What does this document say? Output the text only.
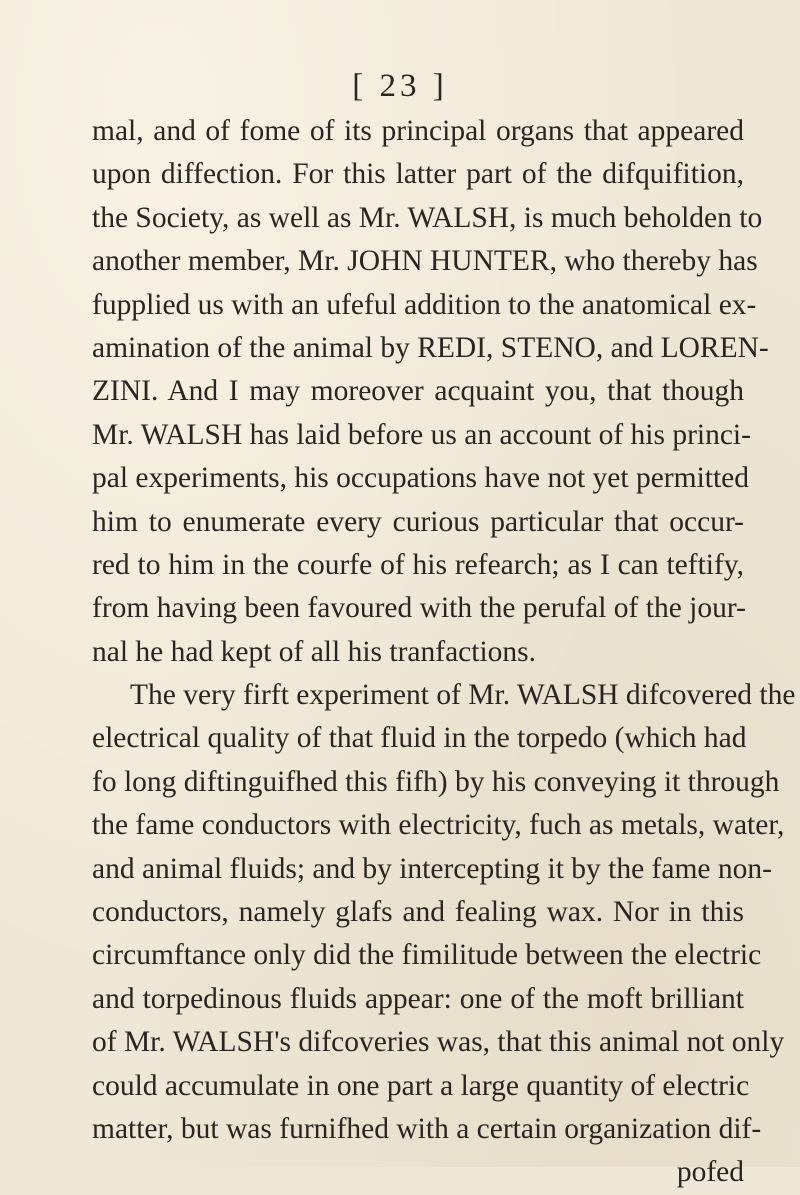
[ 23 ]
mal, and of fome of its principal organs that appeared
upon diffection. For this latter part of the difquifition,
the Society, as well as Mr. WALSH, is much beholden to
another member, Mr. JOHN HUNTER, who thereby has
fupplied us with an ufeful addition to the anatomical ex-
amination of the animal by REDI, STENO, and LOREN-
ZINI. And I may moreover acquaint you, that though
Mr. WALSH has laid before us an account of his princi-
pal experiments, his occupations have not yet permitted
him to enumerate every curious particular that occur-
red to him in the courfe of his refearch; as I can teftify,
from having been favoured with the perufal of the jour-
nal he had kept of all his tranfactions.
The very firft experiment of Mr. WALSH difcovered the
electrical quality of that fluid in the torpedo (which had
fo long diftinguifhed this fifh) by his conveying it through
the fame conductors with electricity, fuch as metals, water,
and animal fluids; and by intercepting it by the fame non-
conductors, namely glafs and fealing wax. Nor in this
circumftance only did the fimilitude between the electric
and torpedinous fluids appear: one of the moft brilliant
of Mr. WALSH's difcoveries was, that this animal not only
could accumulate in one part a large quantity of electric
matter, but was furnifhed with a certain organization dif-
pofed
